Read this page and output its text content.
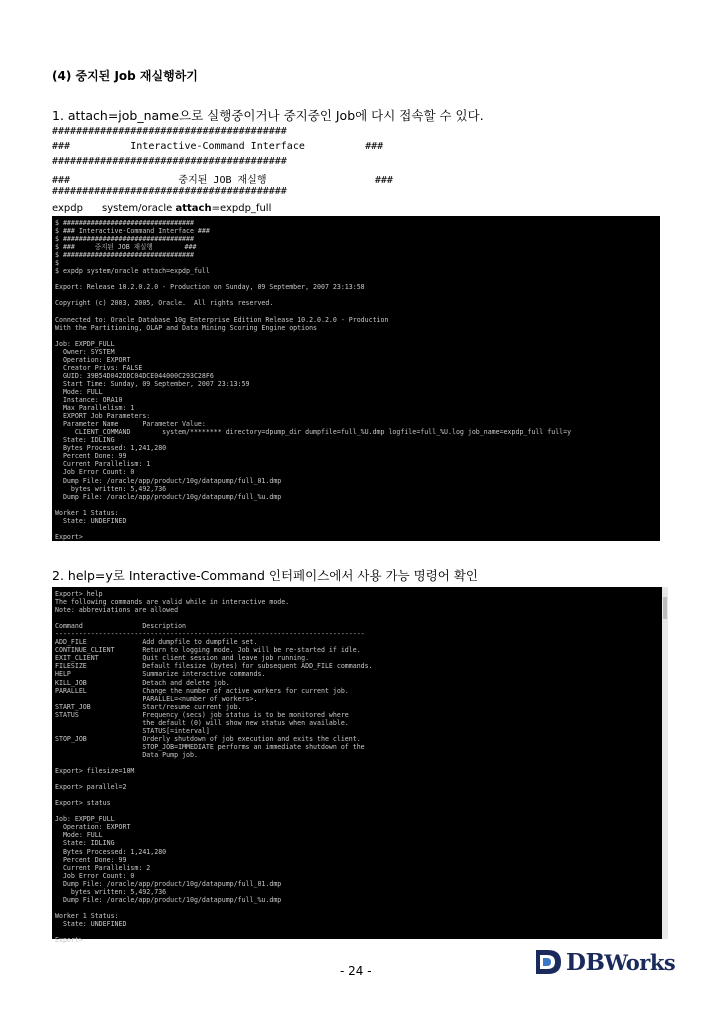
(4) 중지된 Job 재실행하기
1. attach=job_name으로 실행중이거나 중지중인 Job에 다시 접속할 수 있다.
#######################################
###          Interactive-Command Interface          ###
#######################################
###                  중지된 JOB 재실행                  ###
#######################################
expdp      system/oracle attach=expdp_full
$ #################################
$ ### Interactive-Command Interface ###
$ #################################
$ ###     중지된 JOB 재실행        ###
$ #################################
$
$ expdp system/oracle attach=expdp_full
Export: Release 10.2.0.2.0 - Production on Sunday, 09 September, 2007 23:13:58
Copyright (c) 2003, 2005, Oracle.  All rights reserved.
Connected to: Oracle Database 10g Enterprise Edition Release 10.2.0.2.0 - Production
With the Partitioning, OLAP and Data Mining Scoring Engine options
Job: EXPDP_FULL
Owner: SYSTEM
Operation: EXPORT
Creator Privs: FALSE
GUID: 39B54D042DDC04DCE044000C293C28F6
Start Time: Sunday, 09 September, 2007 23:13:59
Mode: FULL
Instance: ORA10
Max Parallelism: 1
EXPORT Job Parameters:
Parameter Name      Parameter Value:
CLIENT_COMMAND        system/******** directory=dpump_dir dumpfile=full_%U.dmp logfile=full_%U.log job_name=expdp_full full=y
State: IDLING
Bytes Processed: 1,241,280
Percent Done: 99
Current Parallelism: 1
Job Error Count: 0
Dump File: /oracle/app/product/10g/datapump/full_01.dmp
bytes written: 5,492,736
Dump File: /oracle/app/product/10g/datapump/full_%u.dmp
Worker 1 Status:
State: UNDEFINED
Export>
2. help=y로 Interactive-Command 인터페이스에서 사용 가능 명령어 확인
Export> help
The following commands are valid while in interactive mode.
Note: abbreviations are allowed
Command               Description
------------------------------------------------------------------------------
ADD_FILE              Add dumpfile to dumpfile set.
CONTINUE_CLIENT       Return to logging mode. Job will be re-started if idle.
EXIT_CLIENT           Quit client session and leave job running.
FILESIZE              Default filesize (bytes) for subsequent ADD_FILE commands.
HELP                  Summarize interactive commands.
KILL_JOB              Detach and delete job.
PARALLEL              Change the number of active workers for current job.
PARALLEL=<number of workers>.
START_JOB             Start/resume current job.
STATUS                Frequency (secs) job status is to be monitored where
the default (0) will show new status when available.
STATUS[=interval]
STOP_JOB              Orderly shutdown of job execution and exits the client.
STOP_JOB=IMMEDIATE performs an immediate shutdown of the
Data Pump job.
Export> filesize=10M
Export> parallel=2
Export> status
Job: EXPDP_FULL
Operation: EXPORT
Mode: FULL
State: IDLING
Bytes Processed: 1,241,280
Percent Done: 99
Current Parallelism: 2
Job Error Count: 0
Dump File: /oracle/app/product/10g/datapump/full_01.dmp
bytes written: 5,492,736
Dump File: /oracle/app/product/10g/datapump/full_%u.dmp
Worker 1 Status:
State: UNDEFINED
Export>

- 24 -	DBWorks
